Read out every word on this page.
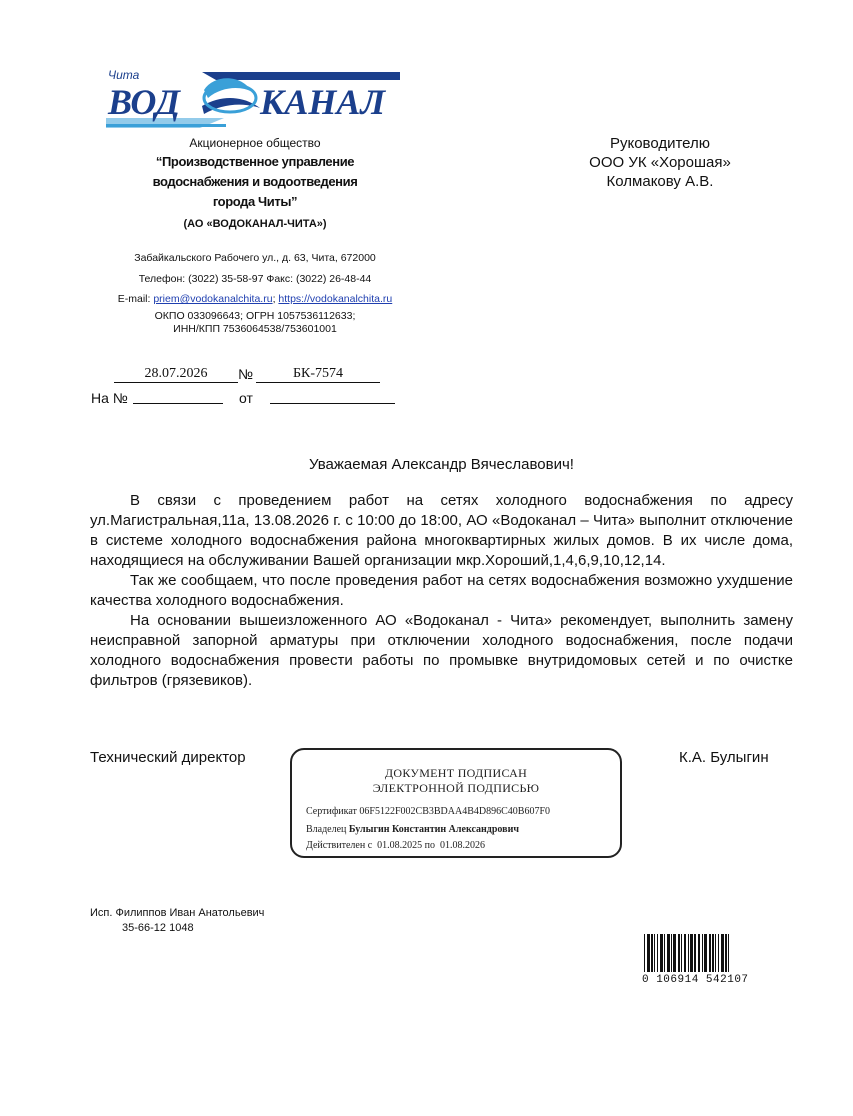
Чита
ВОД КАНАЛ
Акционерное общество
“Производственное управление
водоснабжения и водоотведения
города Читы”
(АО «ВОДОКАНАЛ-ЧИТА»)
Забайкальского Рабочего ул., д. 63, Чита, 672000
Телефон: (3022) 35-58-97 Факс: (3022) 26-48-44
E-mail: priem@vodokanalchita.ru; https://vodokanalchita.ru
ОКПО 033096643; ОГРН 1057536112633;
ИНН/КПП 7536064538/753601001
Руководителю
ООО УК «Хорошая»
Колмакову А.В.
28.07.2026	№	БК-7574
На №	от
Уважаемая Александр Вячеславович!

В связи с проведением работ на сетях холодного водоснабжения по адресу ул.Магистральная,11а, 13.08.2026 г. с 10:00 до 18:00, АО «Водоканал – Чита» выполнит отключение в системе холодного водоснабжения района многоквартирных жилых домов. В их числе дома, находящиеся на обслуживании Вашей организации мкр.Хороший,1,4,6,9,10,12,14.

Так же сообщаем, что после проведения работ на сетях водоснабжения возможно ухудшение качества холодного водоснабжения.

На основании вышеизложенного АО «Водоканал - Чита» рекомендует, выполнить замену неисправной запорной арматуры при отключении холодного водоснабжения, после подачи холодного водоснабжения провести работы по промывке внутридомовых сетей и по очистке фильтров (грязевиков).

Технический директор	К.А. Булыгин
ДОКУМЕНТ ПОДПИСАН
ЭЛЕКТРОННОЙ ПОДПИСЬЮ
Сертификат 06F5122F002CB3BDAA4B4D896C40B607F0
Владелец Булыгин Константин Александрович
Действителен с 01.08.2025 по 01.08.2026
Исп. Филиппов Иван Анатольевич
35-66-12 1048
0 106914 542107
